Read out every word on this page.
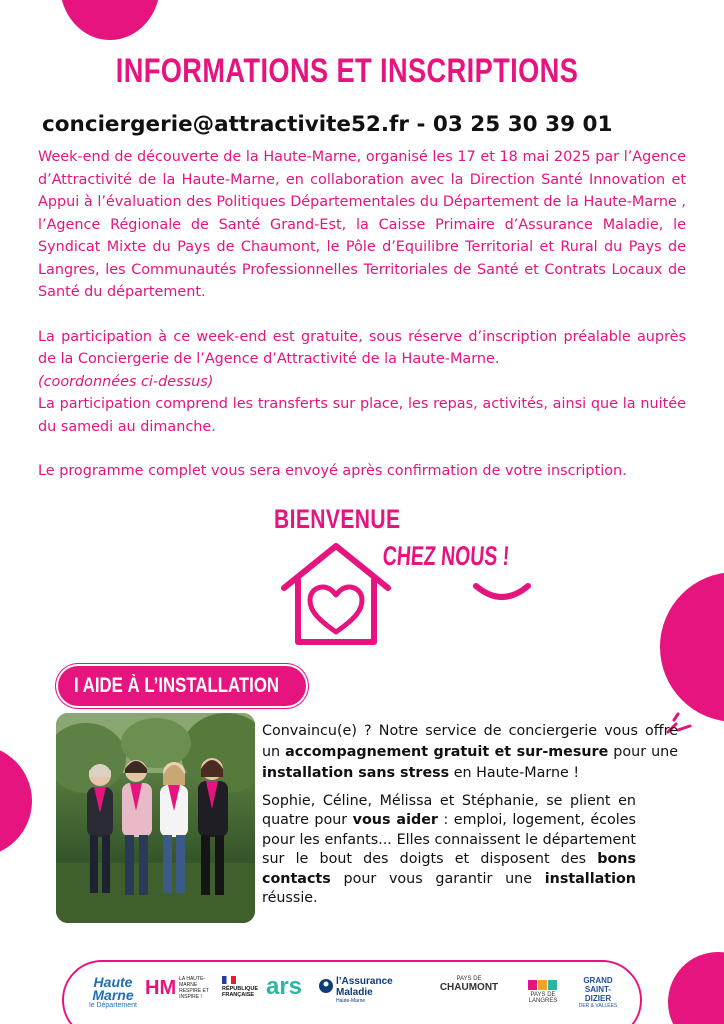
INFORMATIONS ET INSCRIPTIONS
conciergerie@attractivite52.fr - 03 25 30 39 01

Week-end de découverte de la Haute-Marne, organisé les 17 et 18 mai 2025 par l’Agence d’Attractivité de la Haute-Marne, en collaboration avec la Direction Santé Innovation et Appui à l’évaluation des Politiques Départementales du Département de la Haute-Marne , l’Agence Régionale de Santé Grand-Est, la Caisse Primaire d’Assurance Maladie, le Syndicat Mixte du Pays de Chaumont, le Pôle d’Equilibre Territorial et Rural du Pays de Langres, les Communautés Professionnelles Territoriales de Santé et Contrats Locaux de Santé du département.

La participation à ce week-end est gratuite, sous réserve d’inscription préalable auprès de la Conciergerie de l’Agence d’Attractivité de la Haute-Marne.
(coordonnées ci-dessus)
La participation comprend les transferts sur place, les repas, activités, ainsi que la nuitée du samedi au dimanche.

Le programme complet vous sera envoyé après confirmation de votre inscription.

BIENVENUE
CHEZ NOUS !
I AIDE À L’INSTALLATION

Convaincu(e) ? Notre service de conciergerie vous offre un accompagnement gratuit et sur-mesure pour une installation sans stress en Haute-Marne !

Sophie, Céline, Mélissa et Stéphanie, se plient en quatre pour vous aider : emploi, logement, écoles pour les enfants... Elles connaissent le département sur le bout des doigts et disposent des bons contacts pour vous garantir une installation réussie.

Haute Marne
le Département
HM LA HAUTE-MARNE RESPIRE ET INSPIRE !
RÉPUBLIQUE FRANÇAISE ars	l’Assurance Maladie
Haute-Marne
PAYS DE
CHAUMONT
PAYS DE LANGRES
GRAND SAINT-DIZIER
DER & VALLÉES
